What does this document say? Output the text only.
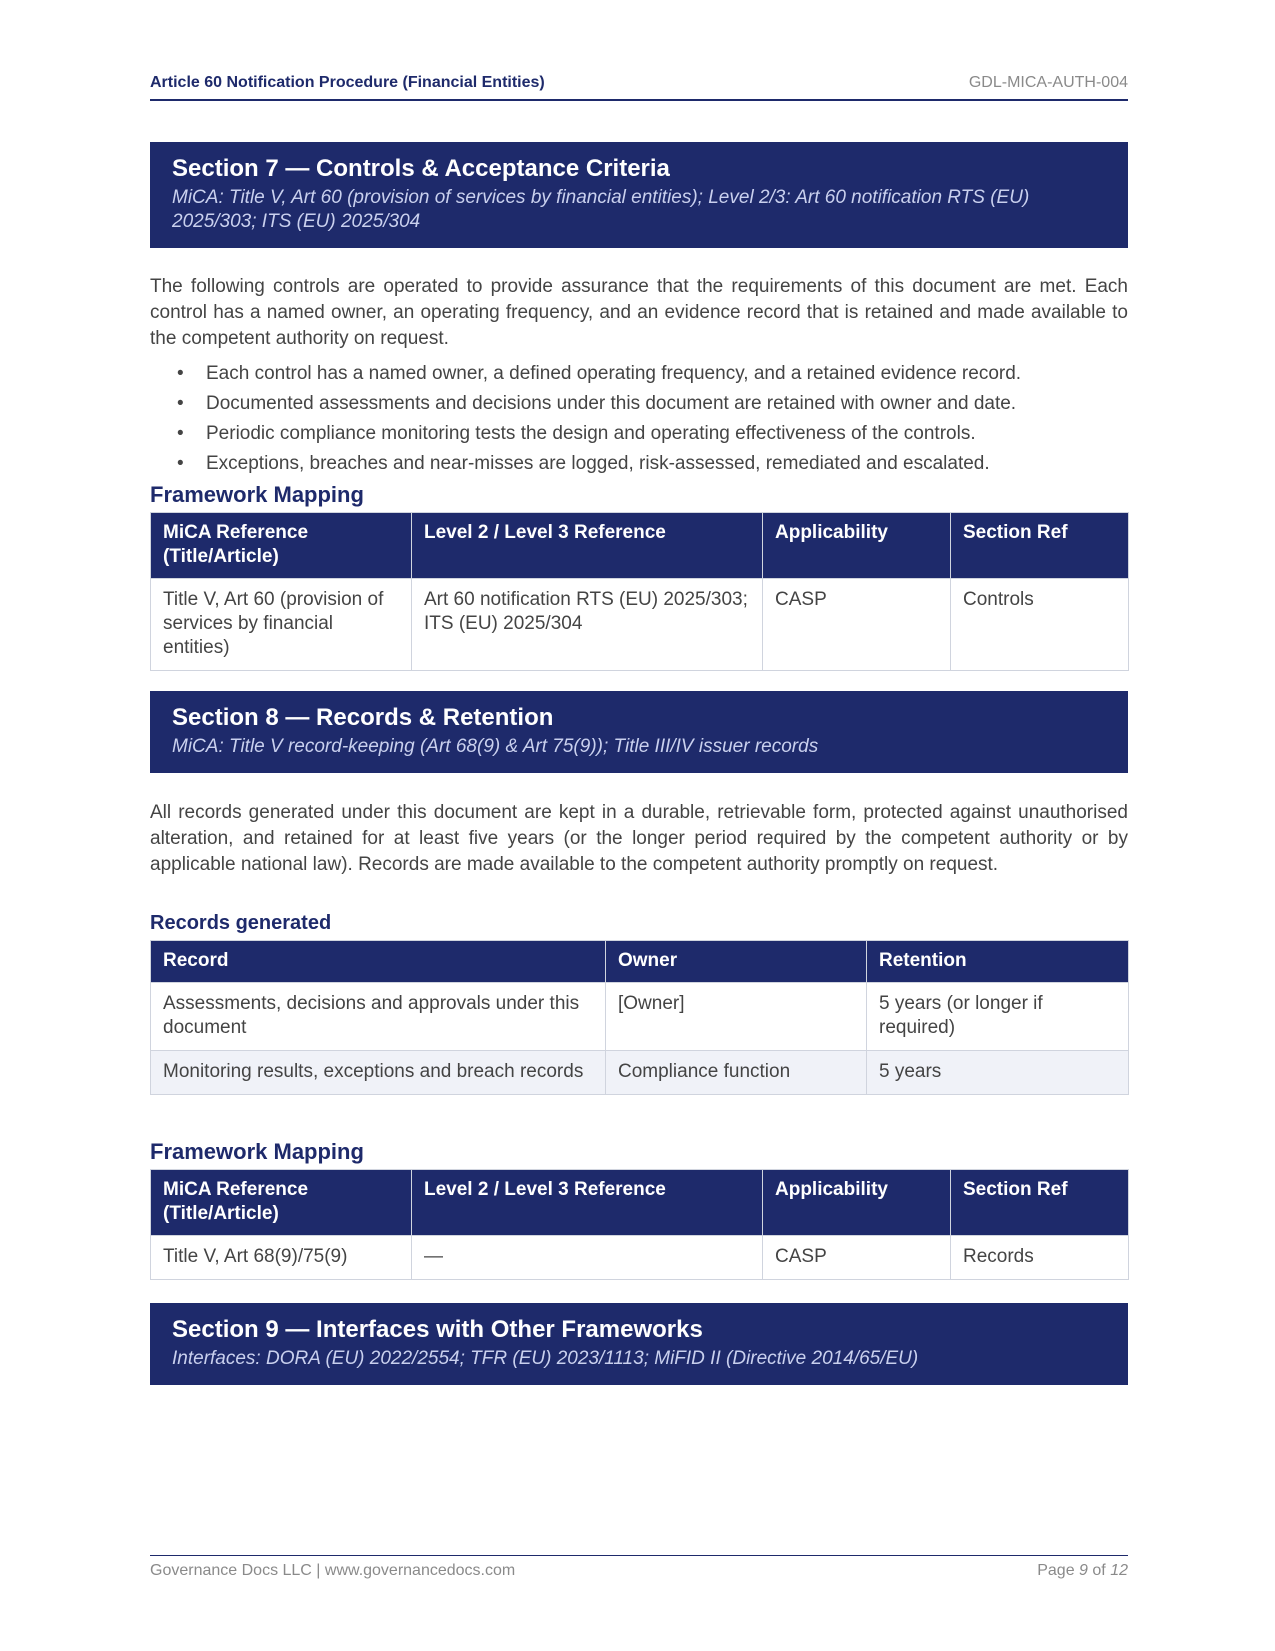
Article 60 Notification Procedure (Financial Entities)	GDL-MICA-AUTH-004
Section 7 — Controls & Acceptance Criteria
MiCA: Title V, Art 60 (provision of services by financial entities); Level 2/3: Art 60 notification RTS (EU) 2025/303; ITS (EU) 2025/304

The following controls are operated to provide assurance that the requirements of this document are met. Each control has a named owner, an operating frequency, and an evidence record that is retained and made available to the competent authority on request.

• Each control has a named owner, a defined operating frequency, and a retained evidence record.
• Documented assessments and decisions under this document are retained with owner and date.
• Periodic compliance monitoring tests the design and operating effectiveness of the controls.
• Exceptions, breaches and near-misses are logged, risk-assessed, remediated and escalated.
Framework Mapping
MiCA Reference (Title/Article)	Level 2 / Level 3 Reference	Applicability	Section Ref
Title V, Art 60 (provision of services by financial entities)	Art 60 notification RTS (EU) 2025/303; ITS (EU) 2025/304	CASP	Controls
Section 8 — Records & Retention
MiCA: Title V record-keeping (Art 68(9) & Art 75(9)); Title III/IV issuer records

All records generated under this document are kept in a durable, retrievable form, protected against unauthorised alteration, and retained for at least five years (or the longer period required by the competent authority or by applicable national law). Records are made available to the competent authority promptly on request.

Records generated
Record	Owner	Retention
Assessments, decisions and approvals under this document	[Owner]	5 years (or longer if required)
Monitoring results, exceptions and breach records	Compliance function	5 years
Framework Mapping
MiCA Reference (Title/Article)	Level 2 / Level 3 Reference	Applicability	Section Ref
Title V, Art 68(9)/75(9)	—	CASP	Records
Section 9 — Interfaces with Other Frameworks
Interfaces: DORA (EU) 2022/2554; TFR (EU) 2023/1113; MiFID II (Directive 2014/65/EU)
Governance Docs LLC | www.governancedocs.com	Page 9 of 12
